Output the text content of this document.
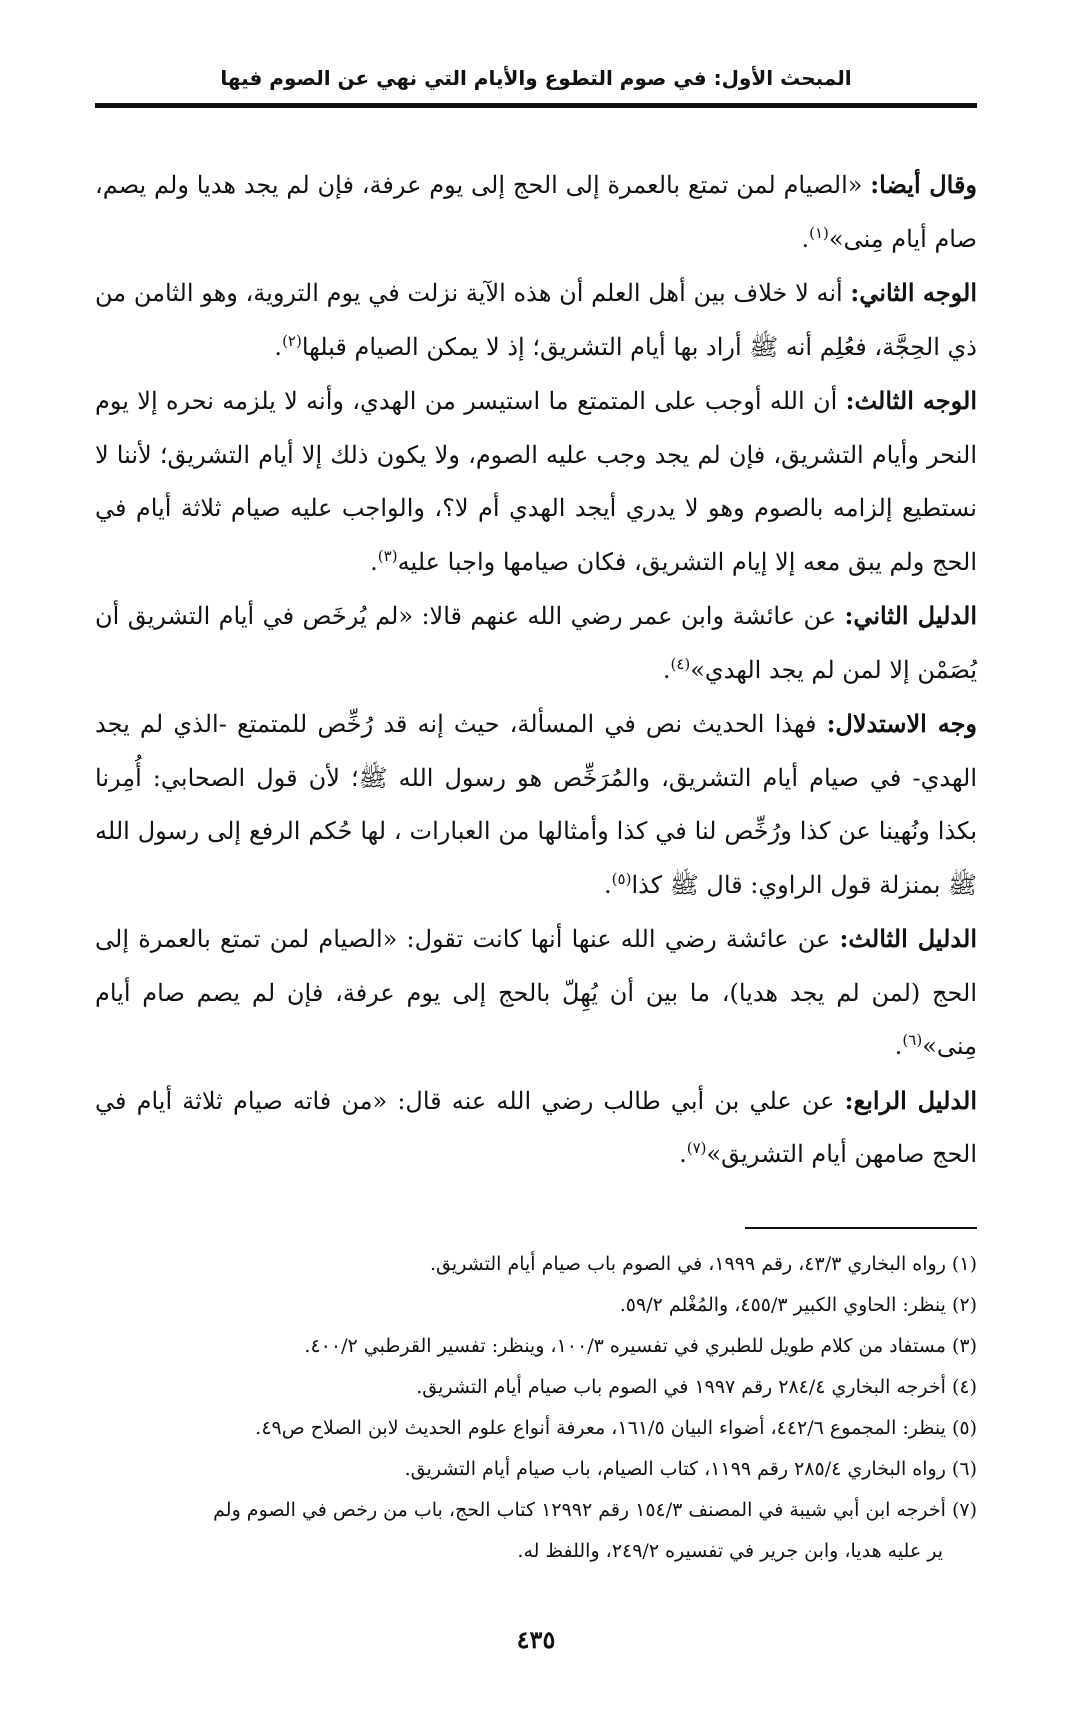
المبحث الأول: في صوم التطوع والأيام التي نهي عن الصوم فيها

وقال أيضا: «الصيام لمن تمتع بالعمرة إلى الحج إلى يوم عرفة، فإن لم يجد هديا ولم يصم، صام أيام مِنى»$^{(١)}$.

الوجه الثاني: أنه لا خلاف بين أهل العلم أن هذه الآية نزلت في يوم التروية، وهو الثامن من ذي الحِجَّة، فعُلِم أنه ﷺ أراد بها أيام التشريق؛ إذ لا يمكن الصيام قبلها$^{(٢)}$.

الوجه الثالث: أن الله أوجب على المتمتع ما استيسر من الهدي، وأنه لا يلزمه نحره إلا يوم النحر وأيام التشريق، فإن لم يجد وجب عليه الصوم، ولا يكون ذلك إلا أيام التشريق؛ لأننا لا نستطيع إلزامه بالصوم وهو لا يدري أيجد الهدي أم لا؟، والواجب عليه صيام ثلاثة أيام في الحج ولم يبق معه إلا إيام التشريق، فكان صيامها واجبا عليه$^{(٣)}$.

الدليل الثاني: عن عائشة وابن عمر رضي الله عنهم قالا: «لم يُرخَص في أيام التشريق أن يُصَمْن إلا لمن لم يجد الهدي»$^{(٤)}$.

وجه الاستدلال: فهذا الحديث نص في المسألة، حيث إنه قد رُخِّص للمتمتع -الذي لم يجد الهدي- في صيام أيام التشريق، والمُرَخِّص هو رسول الله ﷺ؛ لأن قول الصحابي: أُمِرنا بكذا ونُهينا عن كذا ورُخِّص لنا في كذا وأمثالها من العبارات ، لها حُكم الرفع إلى رسول الله ﷺ بمنزلة قول الراوي: قال ﷺ كذا$^{(٥)}$.

الدليل الثالث: عن عائشة رضي الله عنها أنها كانت تقول: «الصيام لمن تمتع بالعمرة إلى الحج (لمن لم يجد هديا)، ما بين أن يُهِلّ بالحج إلى يوم عرفة، فإن لم يصم صام أيام مِنى»$^{(٦)}$.

الدليل الرابع: عن علي بن أبي طالب رضي الله عنه قال: «من فاته صيام ثلاثة أيام في الحج صامهن أيام التشريق»$^{(٧)}$.

(١) رواه البخاري ٤٣/٣، رقم ١٩٩٩، في الصوم باب صيام أيام التشريق.

(٢) ينظر: الحاوي الكبير ٤٥٥/٣، والمُغْلم ٥٩/٢.

(٣) مستفاد من كلام طويل للطبري في تفسيره ١٠٠/٣، وينظر: تفسير القرطبي ٤٠٠/٢.

(٤) أخرجه البخاري ٢٨٤/٤ رقم ١٩٩٧ في الصوم باب صيام أيام التشريق.

(٥) ينظر: المجموع ٤٤٢/٦، أضواء البيان ١٦١/٥، معرفة أنواع علوم الحديث لابن الصلاح ص٤٩.

(٦) رواه البخاري ٢٨٥/٤ رقم ١١٩٩، كتاب الصيام، باب صيام أيام التشريق.

(٧) أخرجه ابن أبي شيبة في المصنف ١٥٤/٣ رقم ١٢٩٩٢ كتاب الحج، باب من رخص في الصوم ولم

ير عليه هديا، وابن جرير في تفسيره ٢٤٩/٢، واللفظ له.

٤٣٥
